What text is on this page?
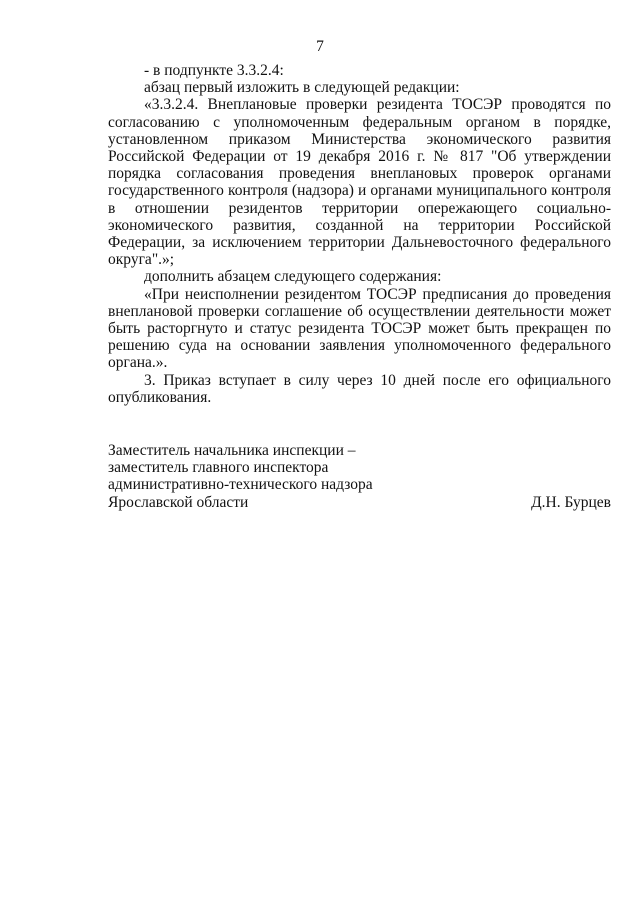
7

- в подпункте 3.3.2.4:

абзац первый изложить в следующей редакции:

«3.3.2.4. Внеплановые проверки резидента ТОСЭР проводятся по согласованию с уполномоченным федеральным органом в порядке, установленном приказом Министерства экономического развития Российской Федерации от 19 декабря 2016 г. № 817 "Об утверждении порядка согласования проведения внеплановых проверок органами государственного контроля (надзора) и органами муниципального контроля в отношении резидентов территории опережающего социально-экономического развития, созданной на территории Российской Федерации, за исключением территории Дальневосточного федерального округа".»;

дополнить абзацем следующего содержания:

«При неисполнении резидентом ТОСЭР предписания до проведения внеплановой проверки соглашение об осуществлении деятельности может быть расторгнуто и статус резидента ТОСЭР может быть прекращен по решению суда на основании заявления уполномоченного федерального органа.».

3. Приказ вступает в силу через 10 дней после его официального опубликования.

Заместитель начальника инспекции –

заместитель главного инспектора

административно-технического надзора

Ярославской области	Д.Н. Бурцев
